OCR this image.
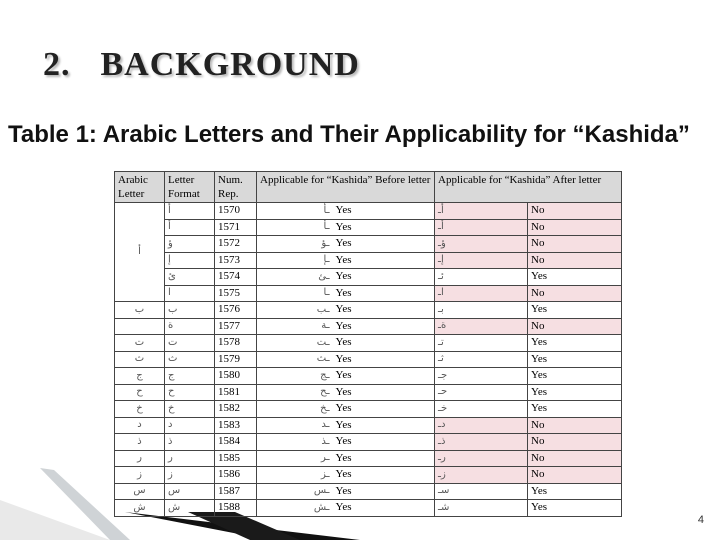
2. BACKGROUND
Table 1: Arabic Letters and Their Applicability for “Kashida”
Arabic Letter	Letter Format	Num. Rep.	Applicable for “Kashida” Before letter		Applicable for “Kashida” After letter	
أ	أ	1570	ـأ	Yes	أـ	No
	أ	1571	ـأ	Yes	أـ	No
	ؤ	1572	ـؤ	Yes	ؤـ	No
	إ	1573	ـإ	Yes	إـ	No
	ئ	1574	ـئ	Yes	ئـ	Yes
	ا	1575	ـا	Yes	اـ	No
ب	ب	1576	ـب	Yes	بـ	Yes
	ة	1577	ـة	Yes	ةـ	No
ت	ت	1578	ـت	Yes	تـ	Yes
ث	ث	1579	ـث	Yes	ثـ	Yes
ج	ج	1580	ـج	Yes	جـ	Yes
ح	ح	1581	ـح	Yes	حـ	Yes
خ	خ	1582	ـخ	Yes	خـ	Yes
د	د	1583	ـد	Yes	دـ	No
ذ	ذ	1584	ـذ	Yes	ذـ	No
ر	ر	1585	ـر	Yes	رـ	No
ز	ز	1586	ـز	Yes	زـ	No
س	س	1587	ـس	Yes	سـ	Yes
ش	ش	1588	ـش	Yes	شـ	Yes
4
